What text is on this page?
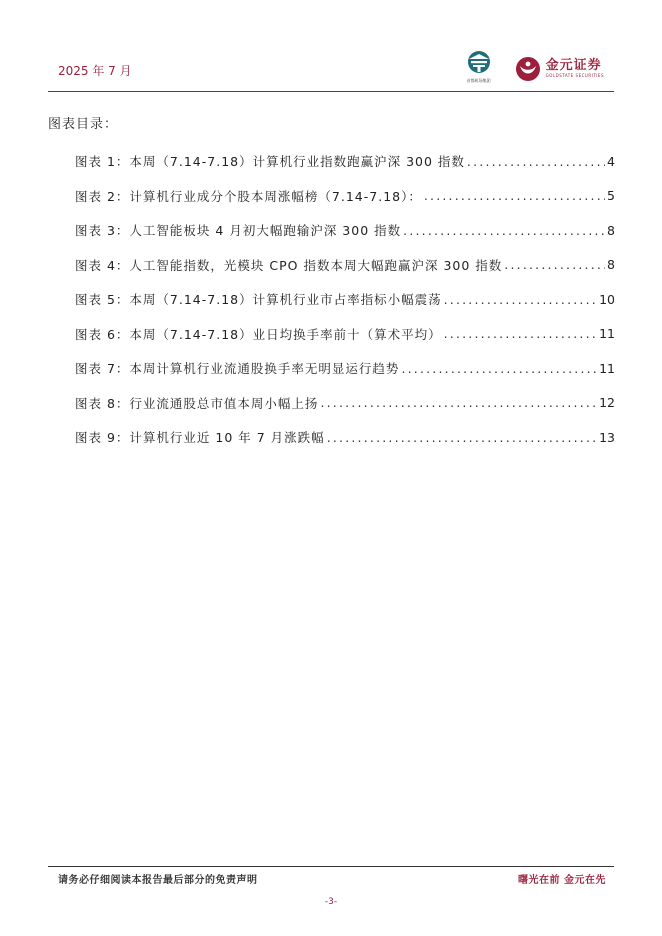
2025 年 7 月
首都机场集团
金元证券
GOLDSTATE SECURITIES
图表目录：
图表 1：本周（7.14-7.18）计算机行业指数跑赢沪深 300 指数 .....	4
图表 2：计算机行业成分个股本周涨幅榜（7.14-7.18）： .....	5
图表 3：人工智能板块 4 月初大幅跑输沪深 300 指数 .....	8
图表 4：人工智能指数，光模块 CPO 指数本周大幅跑赢沪深 300 指数 .....	8
图表 5：本周（7.14-7.18）计算机行业市占率指标小幅震荡 .....	10
图表 6：本周（7.14-7.18）业日均换手率前十（算术平均） .....	11
图表 7：本周计算机行业流通股换手率无明显运行趋势 .....	11
图表 8：行业流通股总市值本周小幅上扬 .....	12
图表 9：计算机行业近 10 年 7 月涨跌幅 .....	13
请务必仔细阅读本报告最后部分的免责声明	曙光在前 金元在先
-3-
